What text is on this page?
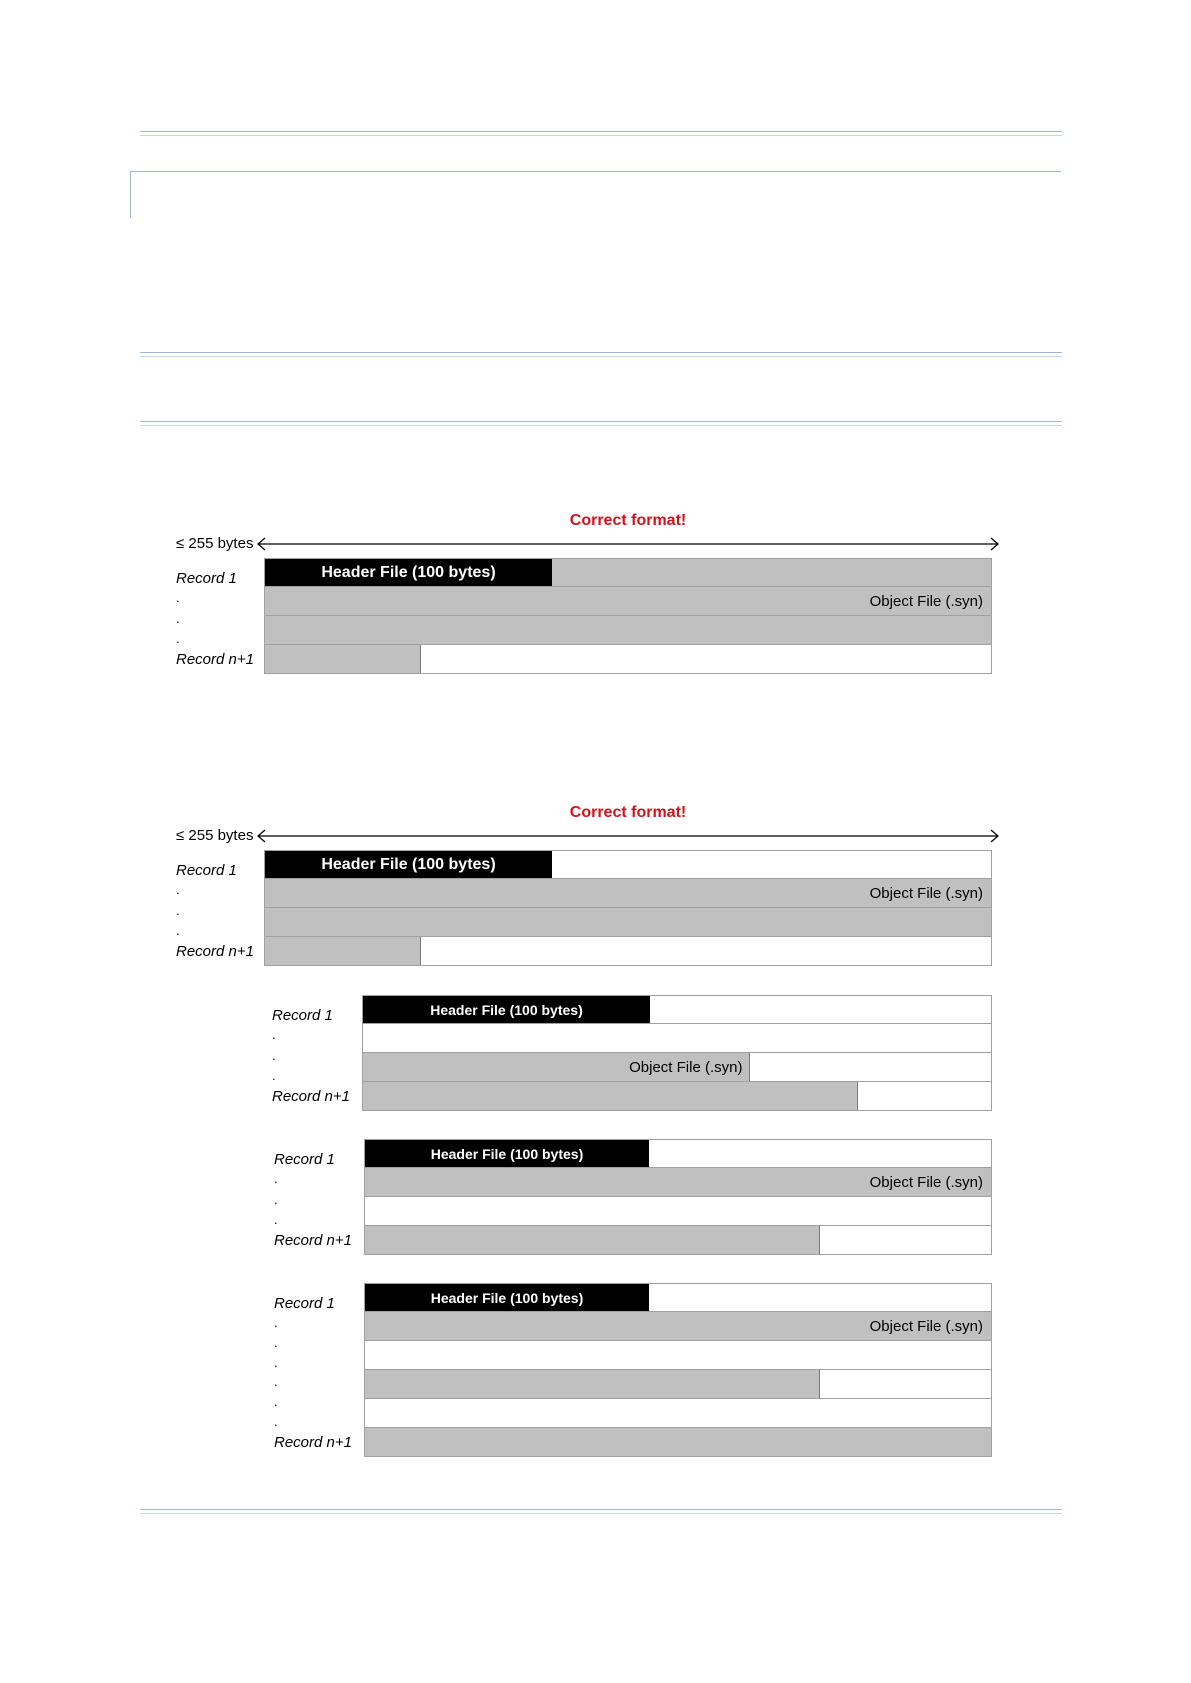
Correct format!
≤ 255 bytes
Record 1
Record n+1
.
.
.
Header File (100 bytes)
Object File (.syn)
Correct format!
≤ 255 bytes
Record 1
Record n+1
.
.
.
Header File (100 bytes)
Object File (.syn)
Record 1
Record n+1
.
.
.
Header File (100 bytes)
Object File (.syn)
Record 1
Record n+1
.
.
.
Header File (100 bytes)
Object File (.syn)
Record 1
Record n+1
.
.
.
.
.
.
Header File (100 bytes)
Object File (.syn)
